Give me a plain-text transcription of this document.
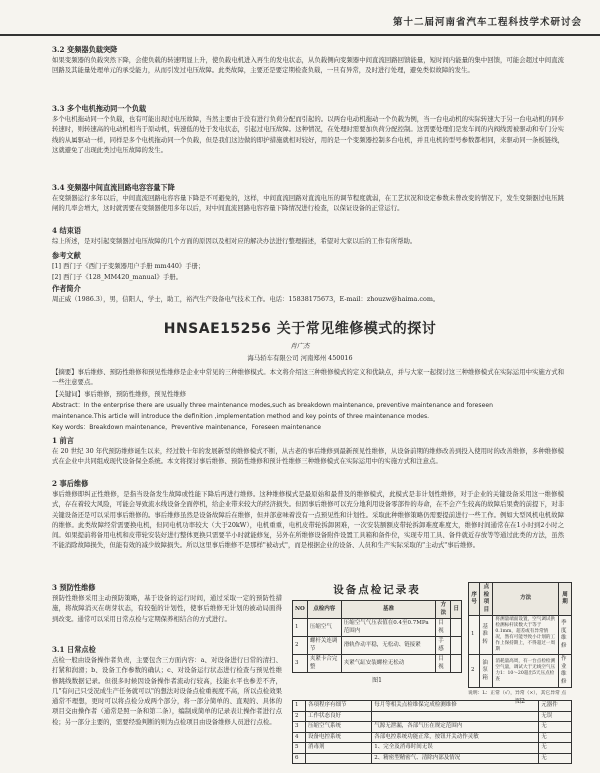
第十二届河南省汽车工程科技学术研讨会
3.2 变频器负载突降
如果变频器的负载突然下降，会使负载的转速明显上升，使负载电机进入再生的发电状态，从负载侧向变频器中间直流回路回馈能量，短时间内能量的集中回馈，可能会超过中间直流回路及其能量处理单元的承受能力，从而引发过电压故障。此类故障，主要还是要定期检查负载，一旦有异常，及时进行处理，避免类似故障的发生。
3.3 多个电机拖动同一个负载
多个电机拖动同一个负载，也有可能出现过电压故障，当然主要由于没有进行负荷分配而引起的。以两台电动机拖动一个负载为例，当一台电动机的实际转速大于另一台电动机的同步转速时，则转速高的电动机相当于原动机，转速低的处于发电状态，引起过电压故障。这种情况，在处理时需要加负荷分配控制。这需要处理们是发车间的内阀线需被驱动和专门分实线的从属驱动一样，同样是多个电机拖动同一个负载，但是我们这边做的即护措施就相对较好，用的是一个变频器控制多台电机，并且电机的型号参数都相同，来驱动同一条板链线，这就避免了出现此类过电压故障的发生。
3.4 变频器中间直流回路电容容量下降
在变频器运行多年以后，中间直流回路电容容量下降是不可避免的，这样，中间直流回路对直流电压的调节程度就弱，在工艺状况和设定参数未曾改变的情况下，发生变频器过电压跳闸的几率会增大，这时就需要在变频器使用多年以后，对中间直流回路电容容量下降情况进行检查，以保证设备的正常运行。
4 结束语
综上所述，是对引起变频器过电压故障的几个方面的原因以及相对应的解决办法进行整理描述，希望对大家以后的工作有所帮助。
参考文献
[1] 西门子《西门子变频器用户手册 mm440》手册；
[2] 西门子《128_MM420_manual》手册。
作者简介
周正威（1986.3），男，信阳人，学士，助工，裕汽生产设备电气技术工作。电话：15838175673，E-mail：zhouzw@haima.com。
HNSAE15256 关于常见维修模式的探讨
肖广杰
海马轿车有限公司 河南郑州 450016
【摘要】事后维修、预防性维修和预见性维修是企业中常见的三种维修模式。本文将介绍这三种维修模式的定义和优缺点，并与大家一起探讨这三种维修模式在实际运用中实施方式和一些注意要点。
【关键词】事后维修，预防性维修，预见性维修
Abstract：In the enterprise there are usually three maintenance modes,such as breakdown maintenance, preventive maintenance and foreseen
maintenance.This article will introduce the definition ,implementation method and key points of three maintenance modes.
Key words：Breakdown maintenance，Preventive maintenance，Foreseen maintenance
1 前言
在 20 世纪 30 年代预防维修诞生以来，经过数十年的发展新型的维修模式不断，从古老的事后维修到最新预见性维修，从设备前期的维修改善到投入使用时的改善维修，多种维修模式在企业中共同组成现代设备保全系统。本文将探讨事后维修、预防性维修和预计性维修三种维修模式在实际运用中的实施方式和注意点。
2 事后维修
事后维修即纠正性维修，是指当设备发生故障或性能下降后再进行维修。这种维修模式是最原始和最普及的维修模式，此模式是非计划性维修，对于企业的关键设备采用这一维修模式，存在着较大风险，可能会导致流水线设备全面停机，给企业带来较大的经济损失。但固事后维修可以充分地利用设备零部件的寿命，在不会产生较高的故障后果费的前提下，对非关键设备还是可以采用事后维修的。事后维修虽然是设备故障后在维修，但并部意味着没有一点预见性和计划性。采取此种维修策略仍需要提前进行一些工作。例如大型风机电机故障的维修。此类故障经常需要换电机，但同电机功率较大（大于20kW），电机重重，电机皮带轮拆卸困难，一次安装额额皮带轮拆卸难度难度大，维修时间通常在在1小时到2小时之间。如果提前将备用电机和皮带轮安装好进行整体更换只需要半小时就能修复，另外在所维修设备附件设置工具箱和备件位，实现专用工具、备件就近存放等等通过此类的方法，虽然不能消除故障损失，但能有效的减少故障损失。所以这里事后维修不是那样"被动式"，而是根据企业的设备、人员和生产实际采取的"主动式"事后维修。
3 预防性维修
预防性维修采用主动预防策略，基于设备的运行时间，通过采取一定的预防性措施，将故障消灭在萌芽状态，有较强的计划性，使事后维修无计划的被动局面得到改变。通常可以采用日常点检与定期保养相结合的方式进行。
3.1 日常点检
点检一般由设备操作者负责，主要包含三方面内容：a、对设备进行日常的清扫、打紧和润滑；b、设备工作参数的确认；c、对设备运行状态进行检查与预见性维修跳线数据记录。但很多时候因设备操作者流动行较高，技能水平也参差不齐，几"有问己只受况成生产任务就可以"的想法对设备点检重视度不高，所以点检效果通常不理想，更时可以将点检分成两个部分，将一部分简单的、直观的、具体的项目交由操作者（通常是照一条和第二条），编制成简单的记录表让操作者进行点检；另一部分主要的，需要经验判断的则为点检项目由设备维修人员进行点检。
设备点检记录表
NO	点检内容	基准	方法	日
1	压缩空气	压缩空气气压表值在0.4至0.7MPa范围内	目视	
2	螺杆关连调节	滑轨作动平稳，无松动、链接紧	手感	
3	夹紧卡合完整	夹紧气缸安装螺栓无松动	目视	
图1
序号	点检项目	方法	周期
1	基准转	将测量端面设置，空气调试供检测标杆读数大于等于0.1mm，超差或有异常情况，然有可能导致小计划的工作上保持期上，不得超过一周期	季度维修
2	油泵箱	消耗量高周，有一台点检检测空气量，调试大于无线空气压力1：10～20超出5天压点检查	作业维修
说明：L：正常（√），异常（×），其它异常 点
图2
1	各项程序有细节	每月等相关点检维保完成检测维修	元器件
2	工作状态良好		无误
3	压缩空气系统	气源无泄漏，各部气压在规定范围内	无
4	设备电控系统	各部电控系统功能正常，按钮开关动作灵敏	无
5	消毒剂	1、完全及消毒时间无误	无
6		2、精密型精密气、清除内部及情况	无
